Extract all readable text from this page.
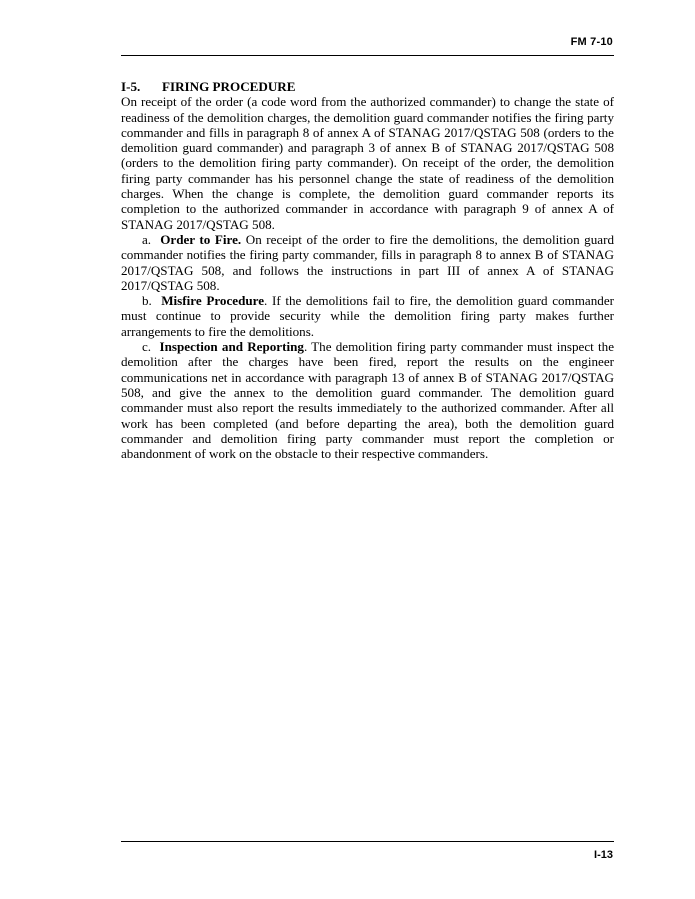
FM 7-10

I-5. FIRING PROCEDURE

On receipt of the order (a code word from the authorized commander) to change the state of readiness of the demolition charges, the demolition guard commander notifies the firing party commander and fills in paragraph 8 of annex A of STANAG 2017/QSTAG 508 (orders to the demolition guard commander) and paragraph 3 of annex B of STANAG 2017/QSTAG 508 (orders to the demolition firing party commander). On receipt of the order, the demolition firing party commander has his personnel change the state of readiness of the demolition charges. When the change is complete, the demolition guard commander reports its completion to the authorized commander in accordance with paragraph 9 of annex A of STANAG 2017/QSTAG 508.

a. Order to Fire. On receipt of the order to fire the demolitions, the demolition guard commander notifies the firing party commander, fills in paragraph 8 to annex B of STANAG 2017/QSTAG 508, and follows the instructions in part III of annex A of STANAG 2017/QSTAG 508.

b. Misfire Procedure. If the demolitions fail to fire, the demolition guard commander must continue to provide security while the demolition firing party makes further arrangements to fire the demolitions.

c. Inspection and Reporting. The demolition firing party commander must inspect the demolition after the charges have been fired, report the results on the engineer communications net in accordance with paragraph 13 of annex B of STANAG 2017/QSTAG 508, and give the annex to the demolition guard commander. The demolition guard commander must also report the results immediately to the authorized commander. After all work has been completed (and before departing the area), both the demolition guard commander and demolition firing party commander must report the completion or abandonment of work on the obstacle to their respective commanders.

I-13
